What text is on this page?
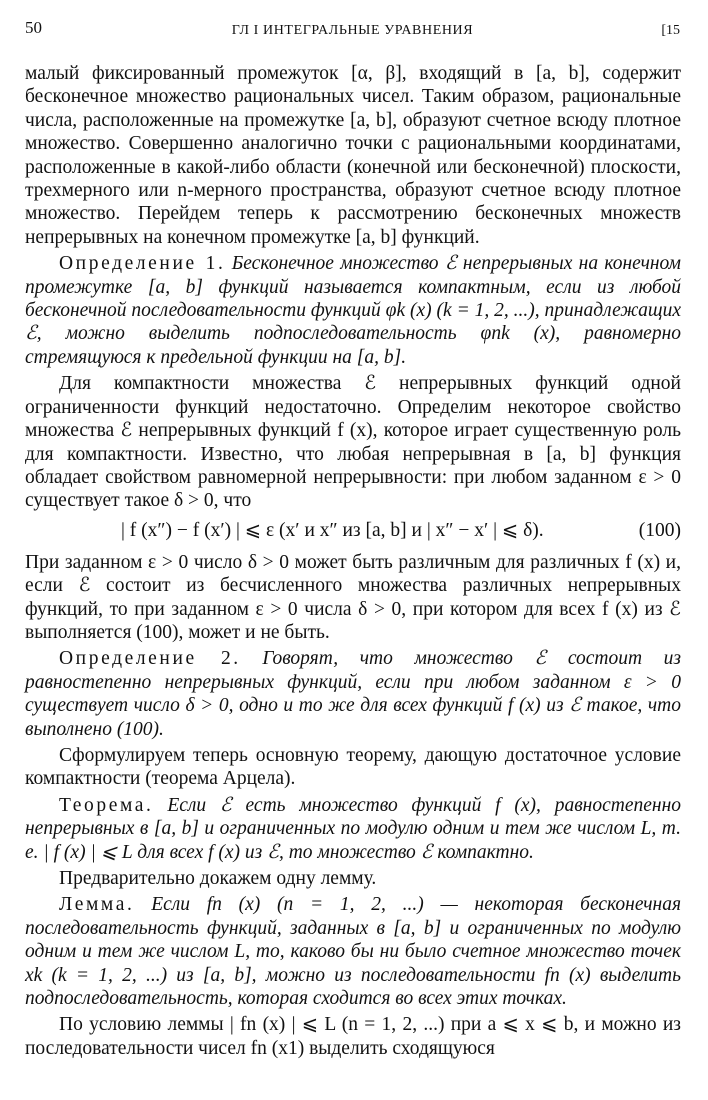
50	ГЛ I ИНТЕГРАЛЬНЫЕ УРАВНЕНИЯ	[15

малый фиксированный промежуток [α, β], входящий в [a, b], содержит бесконечное множество рациональных чисел. Таким образом, рациональные числа, расположенные на промежутке [a, b], образуют счетное всюду плотное множество. Совершенно аналогично точки с рациональными координатами, расположенные в какой-либо области (конечной или бесконечной) плоскости, трехмерного или n-мерного пространства, образуют счетное всюду плотное множество. Перейдем теперь к рассмотрению бесконечных множеств непрерывных на конечном промежутке [a, b] функций.

Определение 1. Бесконечное множество ℰ непрерывных на конечном промежутке [a, b] функций называется компактным, если из любой бесконечной последовательности функций φk (x) (k = 1, 2, ...), принадлежащих ℰ, можно выделить подпоследовательность φnk (x), равномерно стремящуюся к предельной функции на [a, b].

Для компактности множества ℰ непрерывных функций одной ограниченности функций недостаточно. Определим некоторое свойство множества ℰ непрерывных функций f (x), которое играет существенную роль для компактности. Известно, что любая непрерывная в [a, b] функция обладает свойством равномерной непрерывности: при любом заданном ε > 0 существует такое δ > 0, что

| f (x″) − f (x′) | ⩽ ε (x′ и x″ из [a, b] и | x″ − x′ | ⩽ δ).	(100)

При заданном ε > 0 число δ > 0 может быть различным для различных f (x) и, если ℰ состоит из бесчисленного множества различных непрерывных функций, то при заданном ε > 0 числа δ > 0, при котором для всех f (x) из ℰ выполняется (100), может и не быть.

Определение 2. Говорят, что множество ℰ состоит из равностепенно непрерывных функций, если при любом заданном ε > 0 существует число δ > 0, одно и то же для всех функций f (x) из ℰ такое, что выполнено (100).

Сформулируем теперь основную теорему, дающую достаточное условие компактности (теорема Арцела).

Теорема. Если ℰ есть множество функций f (x), равностепенно непрерывных в [a, b] и ограниченных по модулю одним и тем же числом L, т. е. | f (x) | ⩽ L для всех f (x) из ℰ, то множество ℰ компактно.

Предварительно докажем одну лемму.

Лемма. Если fn (x) (n = 1, 2, ...) — некоторая бесконечная последовательность функций, заданных в [a, b] и ограниченных по модулю одним и тем же числом L, то, каково бы ни было счетное множество точек xk (k = 1, 2, ...) из [a, b], можно из последовательности fn (x) выделить подпоследовательность, которая сходится во всех этих точках.

По условию леммы | fn (x) | ⩽ L (n = 1, 2, ...) при a ⩽ x ⩽ b, и можно из последовательности чисел fn (x1) выделить сходящуюся
